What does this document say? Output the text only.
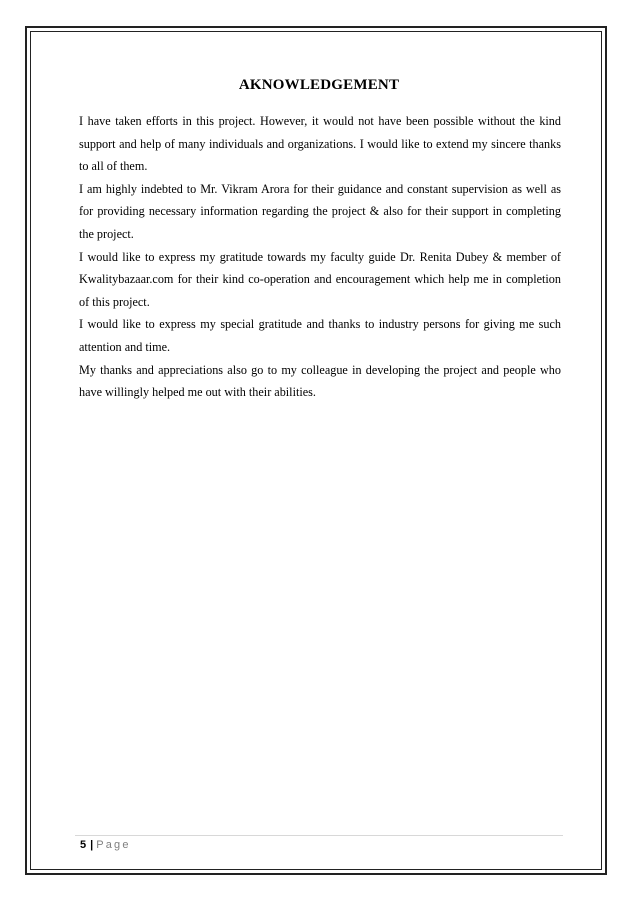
AKNOWLEDGEMENT

I have taken efforts in this project. However, it would not have been possible without the kind support and help of many individuals and organizations. I would like to extend my sincere thanks to all of them.

I am highly indebted to Mr. Vikram Arora for their guidance and constant supervision as well as for providing necessary information regarding the project & also for their support in completing the project.

I would like to express my gratitude towards my faculty guide Dr. Renita Dubey & member of Kwalitybazaar.com for their kind co-operation and encouragement which help me in completion of this project.

I would like to express my special gratitude and thanks to industry persons for giving me such attention and time.

My thanks and appreciations also go to my colleague in developing the project and people who have willingly helped me out with their abilities.

5 | Page
